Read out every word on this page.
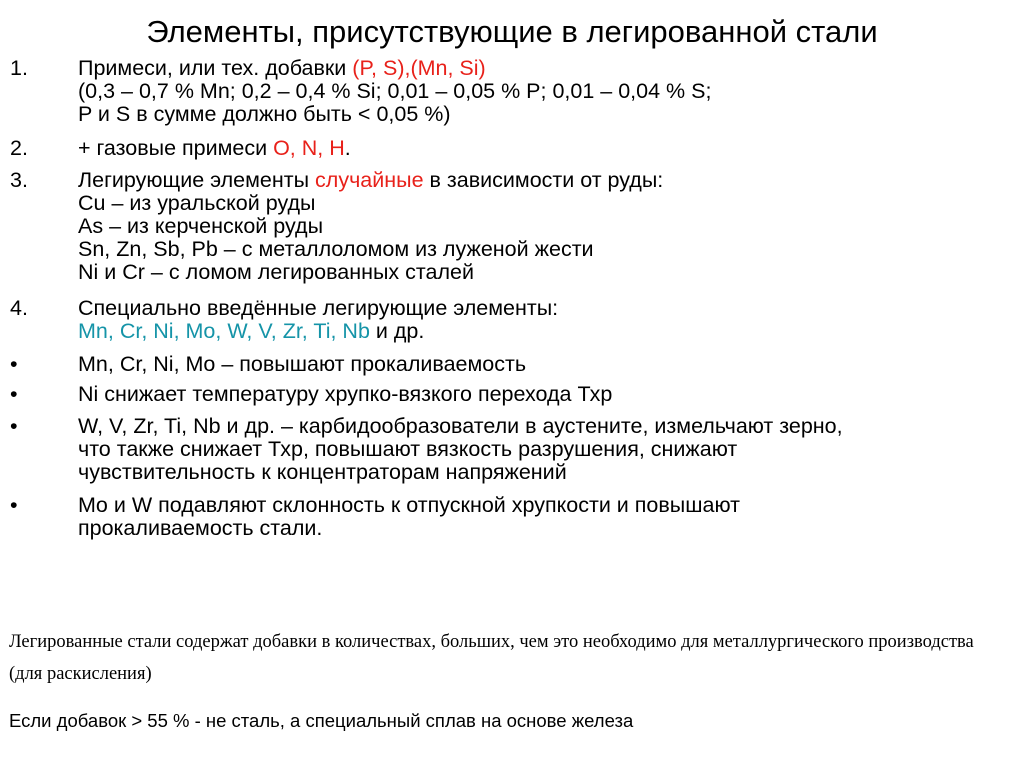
Элементы, присутствующие в легированной стали
1. Примеси, или тех. добавки (P, S),(Mn, Si)
(0,3 – 0,7 % Mn; 0,2 – 0,4 % Si; 0,01 – 0,05 % P; 0,01 – 0,04 % S;
P и S в сумме должно быть < 0,05 %)
2. + газовые примеси O, N, H.
3. Легирующие элементы случайные в зависимости от руды:
Cu – из уральской руды
As – из керченской руды
Sn, Zn, Sb, Pb – с металлоломом из луженой жести
Ni и Cr – с ломом легированных сталей
4. Специально введённые легирующие элементы:
Mn, Cr, Ni, Mo, W, V, Zr, Ti, Nb и др.
•	Mn, Cr, Ni, Mo – повышают прокаливаемость
•	Ni снижает температуру хрупко-вязкого перехода Тхр
•	W, V, Zr, Ti, Nb и др. – карбидообразователи в аустените, измельчают зерно,
что также снижает Тхр, повышают вязкость разрушения, снижают
чувствительность к концентраторам напряжений
•	Mo и W подавляют склонность к отпускной хрупкости и повышают
прокаливаемость стали.
Легированные стали содержат добавки в количествах, больших, чем это необходимо для металлургического производства (для раскисления)
Если добавок > 55 % - не сталь, а специальный сплав на основе железа
